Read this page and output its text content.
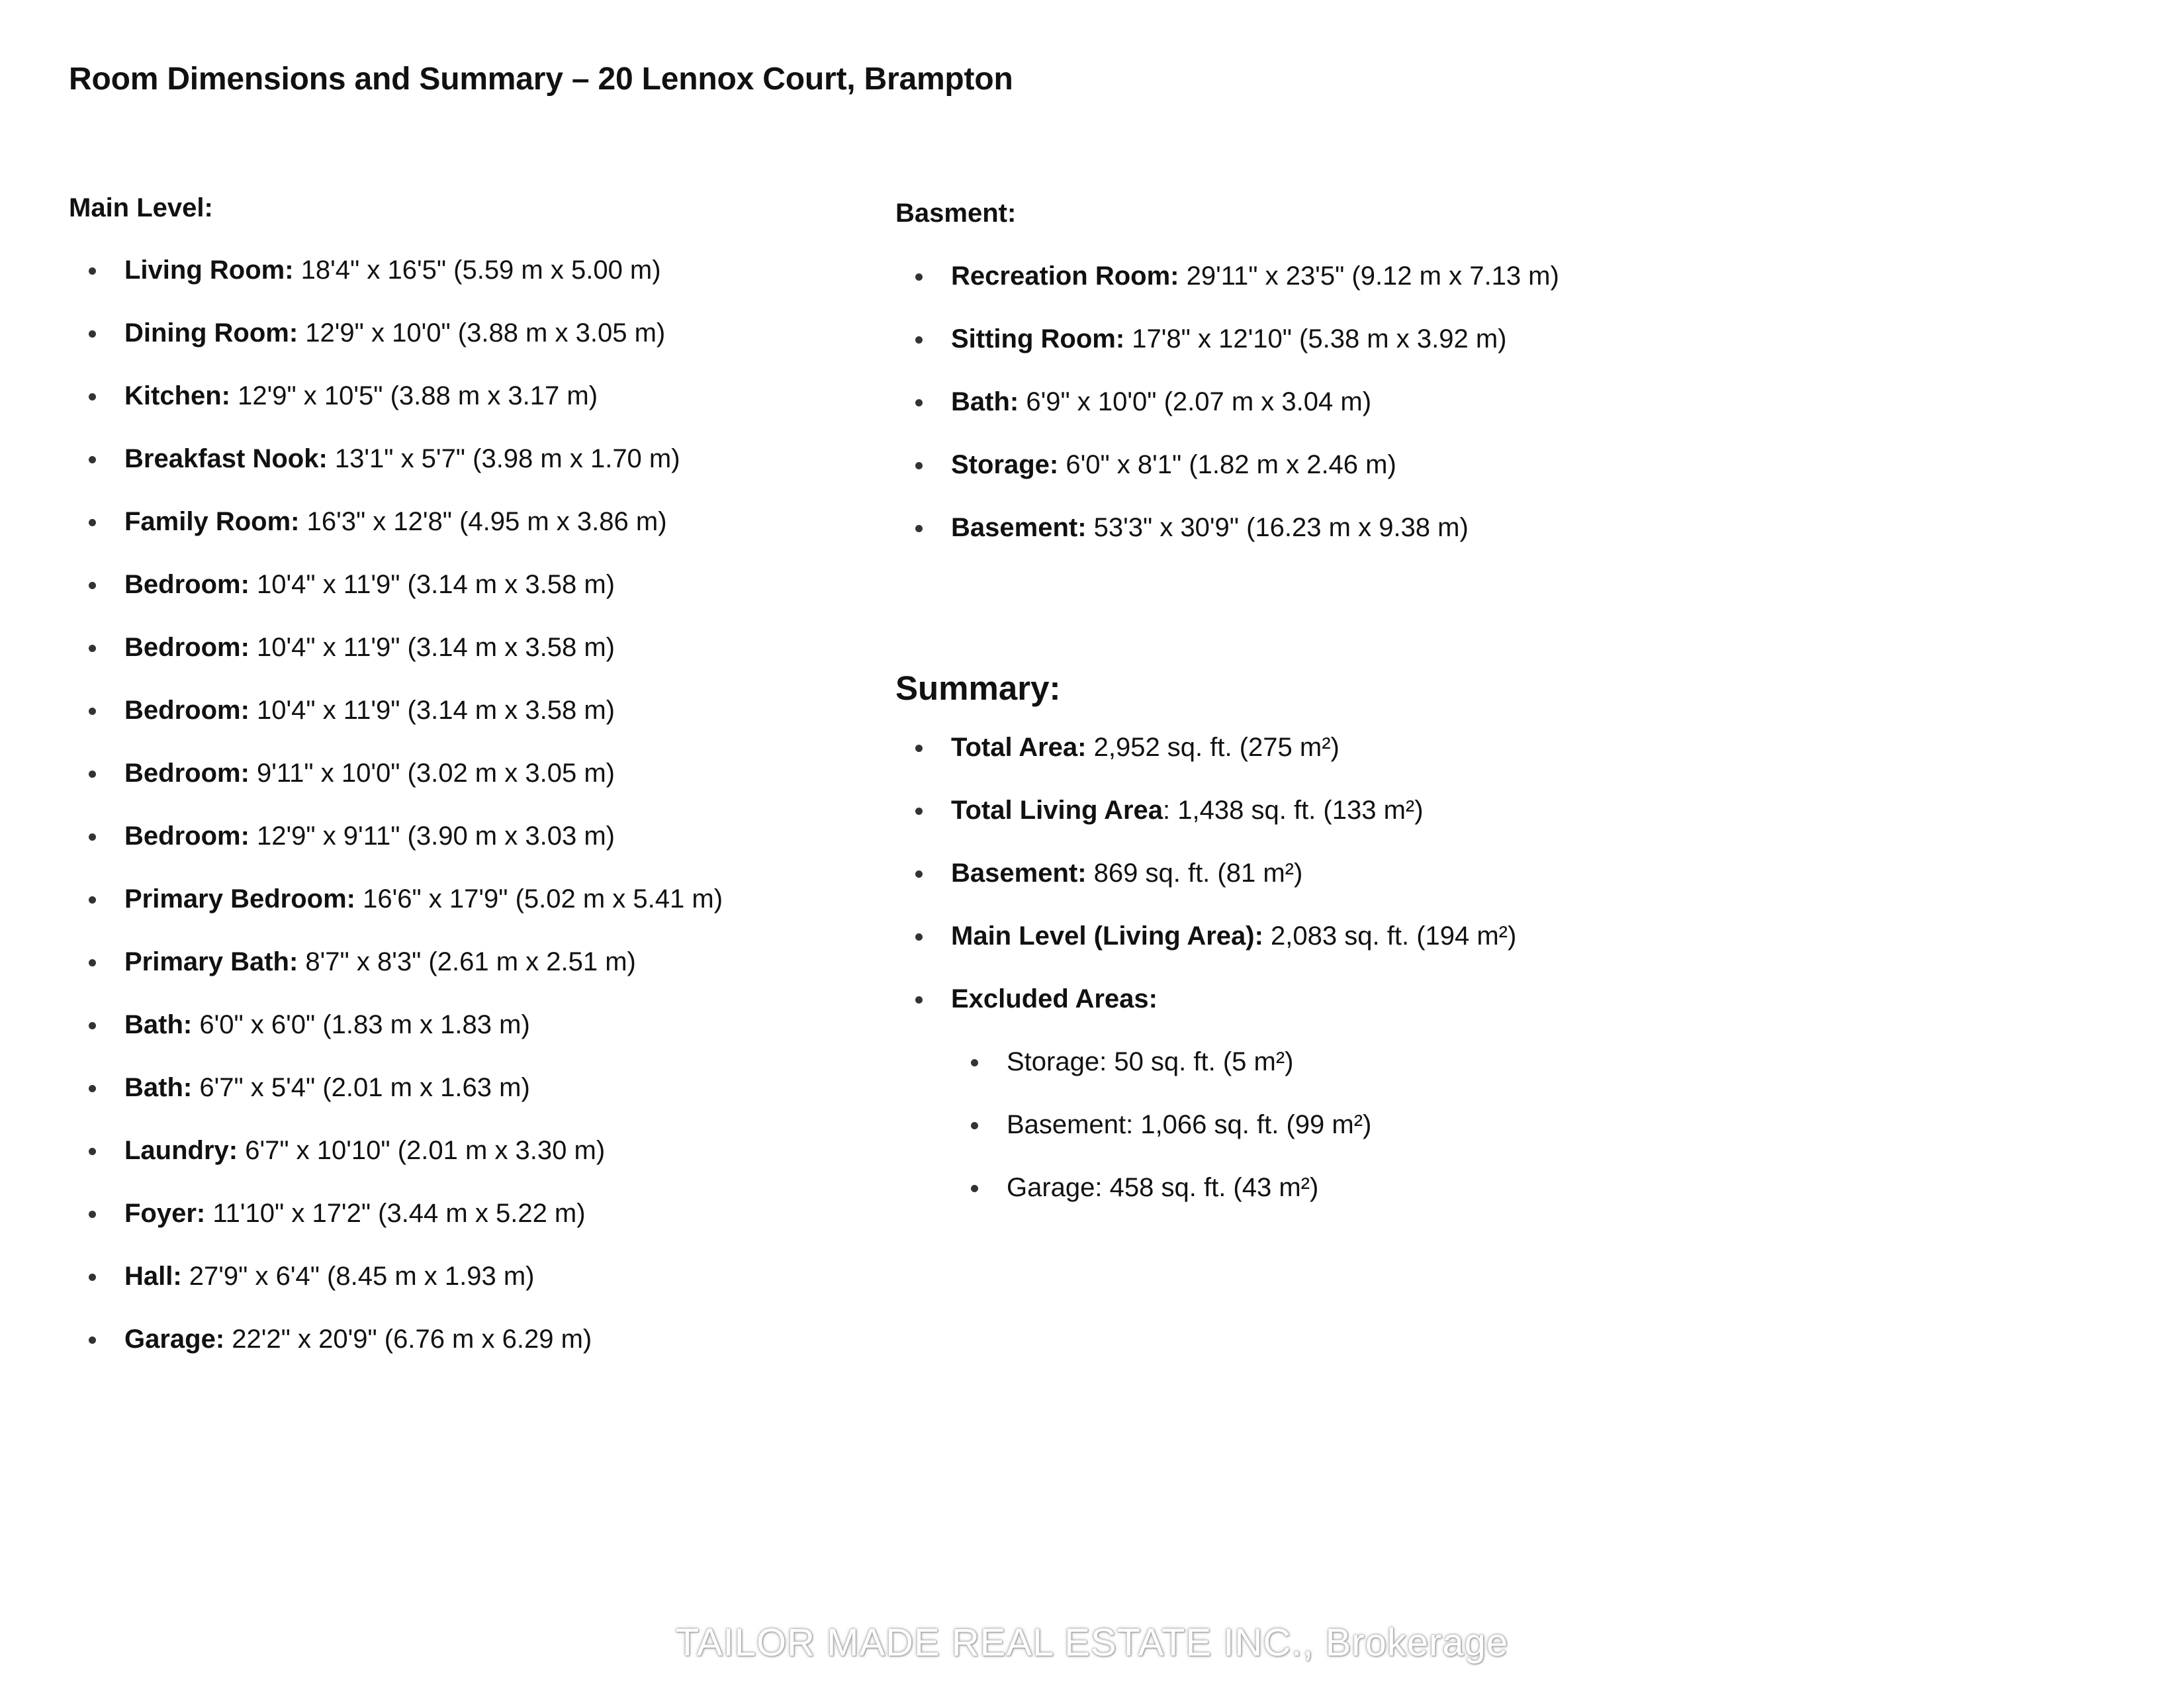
Room Dimensions and Summary – 20 Lennox Court, Brampton
Main Level:
Living Room: 18'4" x 16'5" (5.59 m x 5.00 m)
Dining Room: 12'9" x 10'0" (3.88 m x 3.05 m)
Kitchen: 12'9" x 10'5" (3.88 m x 3.17 m)
Breakfast Nook: 13'1" x 5'7" (3.98 m x 1.70 m)
Family Room: 16'3" x 12'8" (4.95 m x 3.86 m)
Bedroom: 10'4" x 11'9" (3.14 m x 3.58 m)
Bedroom: 10'4" x 11'9" (3.14 m x 3.58 m)
Bedroom: 10'4" x 11'9" (3.14 m x 3.58 m)
Bedroom: 9'11" x 10'0" (3.02 m x 3.05 m)
Bedroom: 12'9" x 9'11" (3.90 m x 3.03 m)
Primary Bedroom: 16'6" x 17'9" (5.02 m x 5.41 m)
Primary Bath: 8'7" x 8'3" (2.61 m x 2.51 m)
Bath: 6'0" x 6'0" (1.83 m x 1.83 m)
Bath: 6'7" x 5'4" (2.01 m x 1.63 m)
Laundry: 6'7" x 10'10" (2.01 m x 3.30 m)
Foyer: 11'10" x 17'2" (3.44 m x 5.22 m)
Hall: 27'9" x 6'4" (8.45 m x 1.93 m)
Garage: 22'2" x 20'9" (6.76 m x 6.29 m)
Basment:
Recreation Room: 29'11" x 23'5" (9.12 m x 7.13 m)
Sitting Room: 17'8" x 12'10" (5.38 m x 3.92 m)
Bath: 6'9" x 10'0" (2.07 m x 3.04 m)
Storage: 6'0" x 8'1" (1.82 m x 2.46 m)
Basement: 53'3" x 30'9" (16.23 m x 9.38 m)
Summary:
Total Area: 2,952 sq. ft. (275 m²)
Total Living Area: 1,438 sq. ft. (133 m²)
Basement: 869 sq. ft. (81 m²)
Main Level (Living Area): 2,083 sq. ft. (194 m²)
Excluded Areas:
Storage: 50 sq. ft. (5 m²)
Basement: 1,066 sq. ft. (99 m²)
Garage: 458 sq. ft. (43 m²)
TAILOR MADE REAL ESTATE INC., Brokerage
